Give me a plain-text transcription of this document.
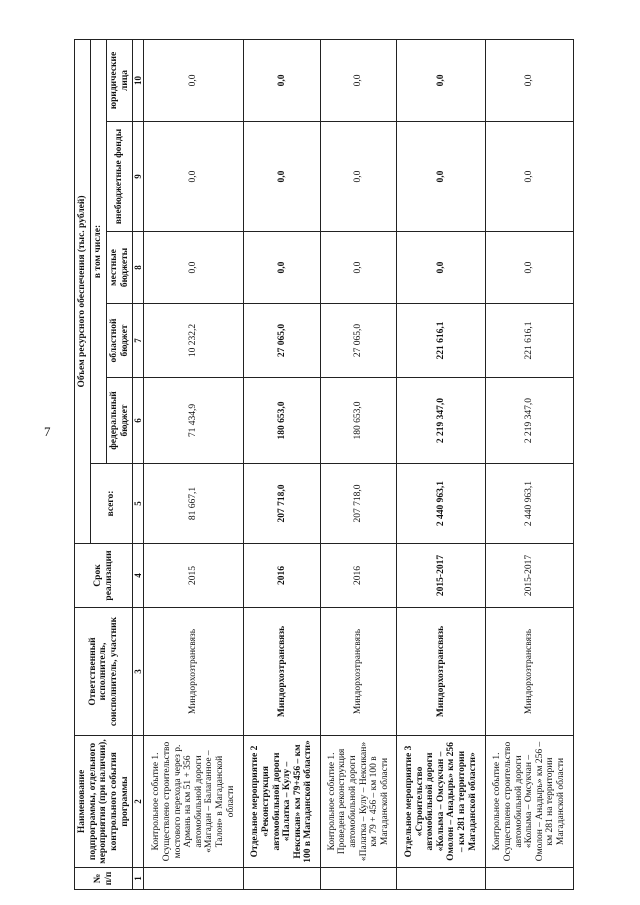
7
№ п/п	Наименование подпрограммы, отдельного мероприятия (при наличии), контрольного события программы	Ответственный исполнитель, соисполнитель, участник	Срок реализации	Объем ресурсного обеспечения (тыс. рублей)					
				всего:	в том числе:				
					федеральный бюджет	областной бюджет	местные бюджеты	внебюджетные фонды	юридические лица
1	2	3	4	5	6	7	8	9	10
	Контрольное событие 1. Осуществлено строительство мостового перехода через р. Армань на км 51 + 356 автомобильной дороги «Магадан – Балаганное – Талон» в Магаданской области	Миндорхозтрансвязь	2015	81 667,1	71 434,9	10 232,2	0,0	0,0	0,0
	Отдельное мероприятие 2 «Реконструкция автомобильной дороги «Палатка – Кулу – Нексикан» км 79+456 – км 100 в Магаданской области»	Миндорхозтрансвязь	2016	207 718,0	180 653,0	27 065,0	0,0	0,0	0,0
	Контрольное событие 1. Проведена реконструкция автомобильной дороги «Палатка – Кулу – Нексикан» км 79 + 456 – км 100 в Магаданской области	Миндорхозтрансвязь	2016	207 718,0	180 653,0	27 065,0	0,0	0,0	0,0
	Отдельное мероприятие 3 «Строительство автомобильной дороги «Колыма – Омсукчан – Омолон – Анадырь» км 256 – км 281 на территории Магаданской области»	Миндорхозтрансвязь	2015-2017	2 440 963,1	2 219 347,0	221 616,1	0,0	0,0	0,0
	Контрольное событие 1. Осуществлено строительство автомобильной дороги «Колыма – Омсукчан – Омолон – Анадырь» км 256 – км 281 на территории Магаданской области	Миндорхозтрансвязь	2015-2017	2 440 963,1	2 219 347,0	221 616,1	0,0	0,0	0,0
